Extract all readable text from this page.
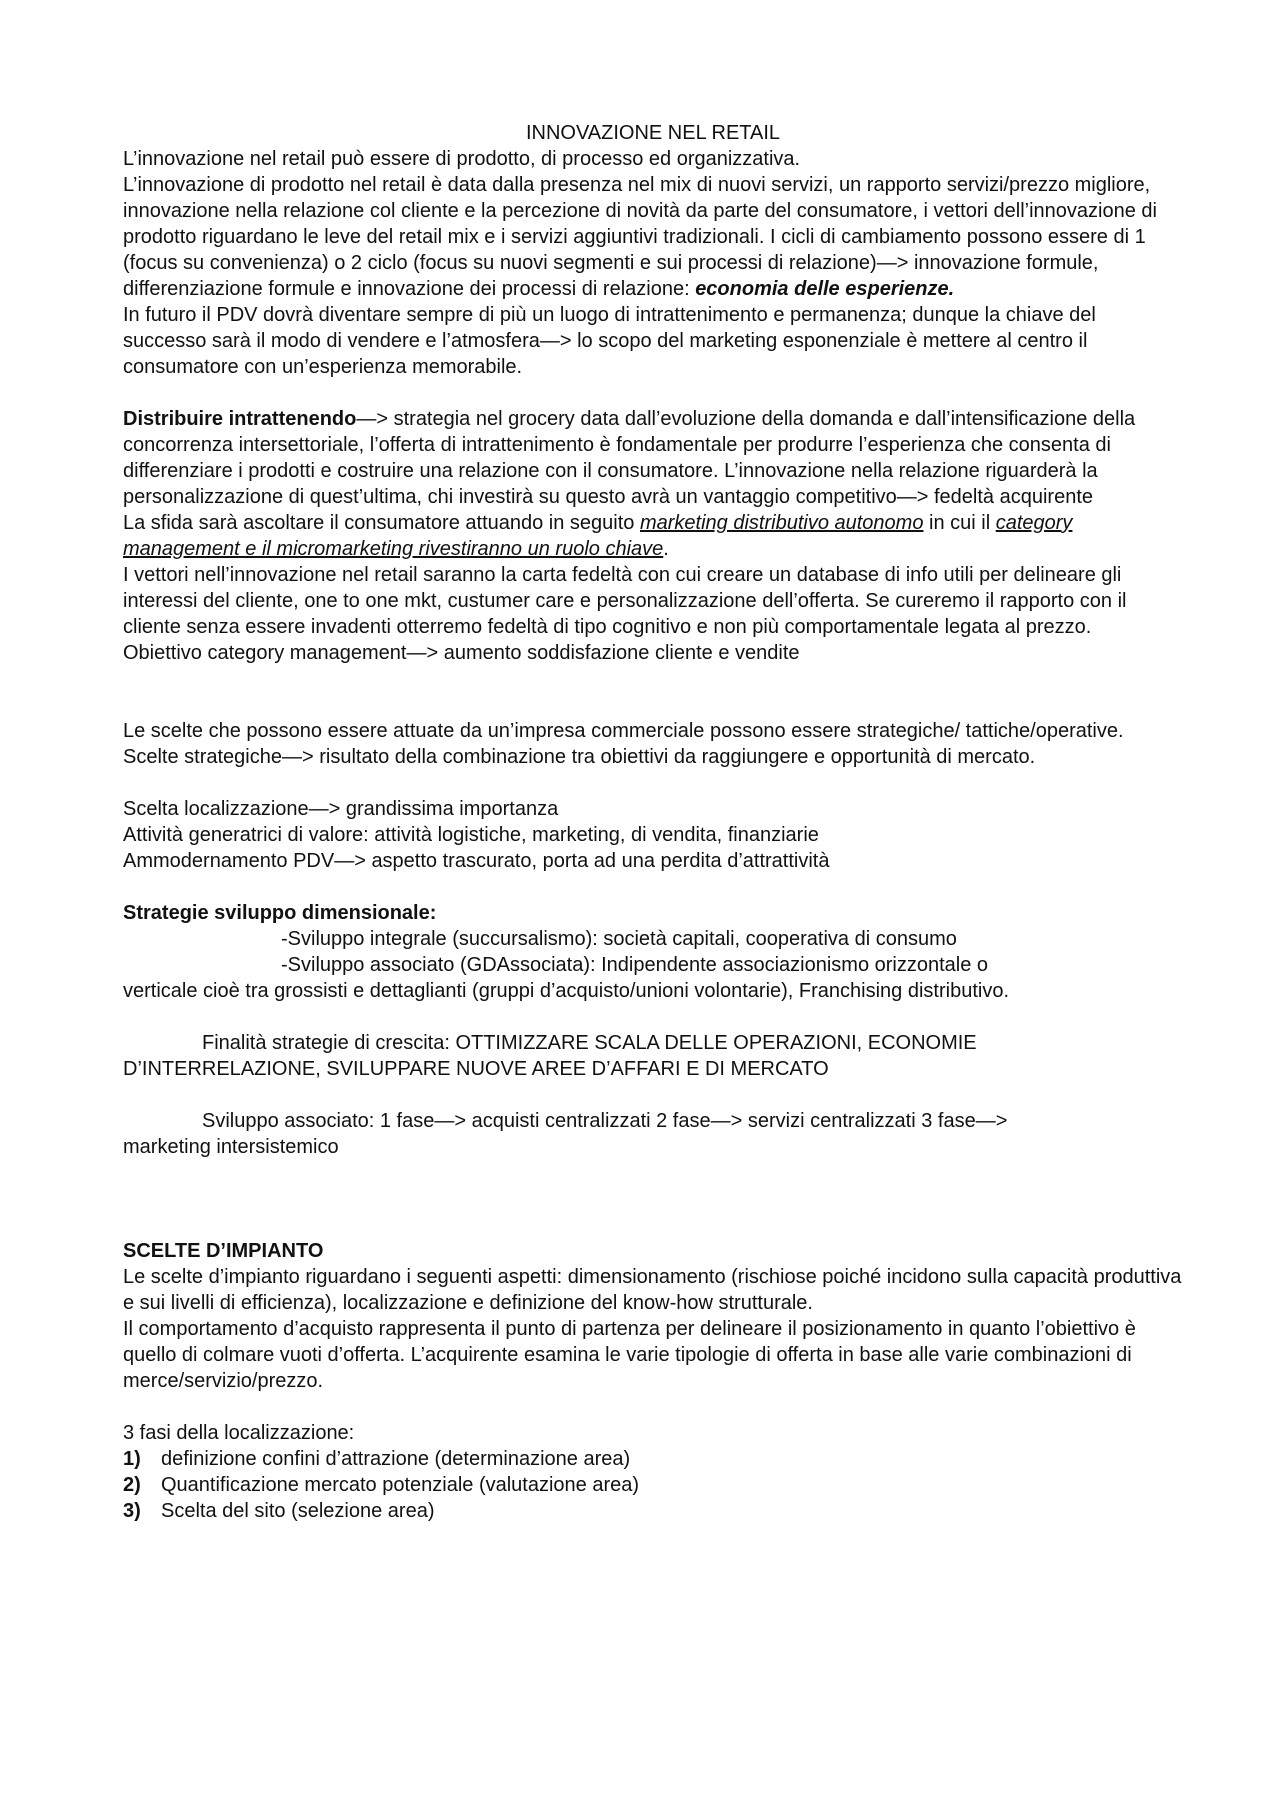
INNOVAZIONE NEL RETAIL

L’innovazione nel retail può essere di prodotto, di processo ed organizzativa.

L’innovazione di prodotto nel retail è data dalla presenza nel mix di nuovi servizi, un rapporto servizi/prezzo migliore, innovazione nella relazione col cliente e la percezione di novità da parte del consumatore, i vettori dell’innovazione di prodotto riguardano le leve del retail mix e i servizi aggiuntivi tradizionali. I cicli di cambiamento possono essere di 1 (focus su convenienza) o 2 ciclo (focus su nuovi segmenti e sui processi di relazione)—> innovazione formule, differenziazione formule e innovazione dei processi di relazione: economia delle esperienze.

In futuro il PDV dovrà diventare sempre di più un luogo di intrattenimento e permanenza; dunque la chiave del successo sarà il modo di vendere e l’atmosfera—> lo scopo del marketing esponenziale è mettere al centro il consumatore con un’esperienza memorabile.

Distribuire intrattenendo—> strategia nel grocery data dall’evoluzione della domanda e dall’intensificazione della concorrenza intersettoriale, l’offerta di intrattenimento è fondamentale per produrre l’esperienza che consenta di differenziare i prodotti e costruire una relazione con il consumatore. L’innovazione nella relazione riguarderà la personalizzazione di quest’ultima, chi investirà su questo avrà un vantaggio competitivo—> fedeltà acquirente

La sfida sarà ascoltare il consumatore attuando in seguito marketing distributivo autonomo in cui il category management e il micromarketing rivestiranno un ruolo chiave.

I vettori nell’innovazione nel retail saranno la carta fedeltà con cui creare un database di info utili per delineare gli interessi del cliente, one to one mkt, custumer care e personalizzazione dell’offerta. Se cureremo il rapporto con il cliente senza essere invadenti otterremo fedeltà di tipo cognitivo e non più comportamentale legata al prezzo.

Obiettivo category management—> aumento soddisfazione cliente e vendite

Le scelte che possono essere attuate da un’impresa commerciale possono essere strategiche/ tattiche/operative. Scelte strategiche—> risultato della combinazione tra obiettivi da raggiungere e opportunità di mercato.

Scelta localizzazione—> grandissima importanza

Attività generatrici di valore: attività logistiche, marketing, di vendita, finanziarie

Ammodernamento PDV—> aspetto trascurato, porta ad una perdita d’attrattività

Strategie sviluppo dimensionale:

-Sviluppo integrale (succursalismo): società capitali, cooperativa di consumo

-Sviluppo associato (GDAssociata): Indipendente associazionismo orizzontale o

verticale cioè tra grossisti e dettaglianti (gruppi d’acquisto/unioni volontarie), Franchising distributivo.

Finalità strategie di crescita: OTTIMIZZARE SCALA DELLE OPERAZIONI, ECONOMIE

D’INTERRELAZIONE, SVILUPPARE NUOVE AREE D’AFFARI E DI MERCATO

Sviluppo associato: 1 fase—> acquisti centralizzati 2 fase—> servizi centralizzati 3 fase—>

marketing intersistemico

SCELTE D’IMPIANTO

Le scelte d’impianto riguardano i seguenti aspetti: dimensionamento (rischiose poiché incidono sulla capacità produttiva e sui livelli di efficienza), localizzazione e definizione del know-how strutturale.

Il comportamento d’acquisto rappresenta il punto di partenza per delineare il posizionamento in quanto l’obiettivo è quello di colmare vuoti d’offerta. L’acquirente esamina le varie tipologie di offerta in base alle varie combinazioni di merce/servizio/prezzo.

3 fasi della localizzazione:

1)	definizione confini d’attrazione (determinazione area)
2)	Quantificazione mercato potenziale (valutazione area)
3)	Scelta del sito (selezione area)
